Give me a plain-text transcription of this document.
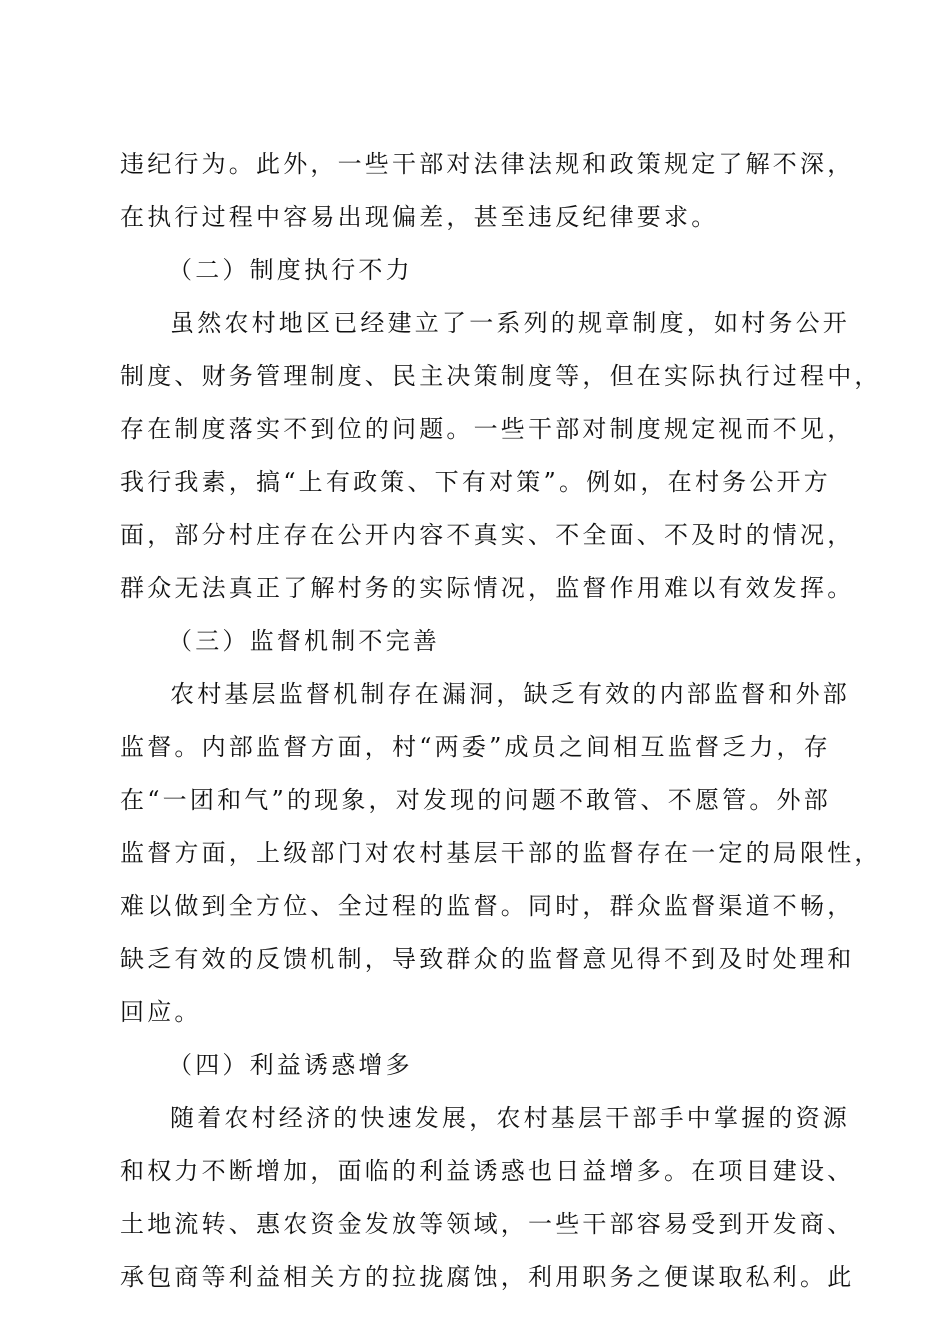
违纪行为。此外，一些干部对法律法规和政策规定了解不深，
在执行过程中容易出现偏差，甚至违反纪律要求。
（二）制度执行不力
虽然农村地区已经建立了一系列的规章制度，如村务公开
制度、财务管理制度、民主决策制度等，但在实际执行过程中，
存在制度落实不到位的问题。一些干部对制度规定视而不见，
我行我素，搞“上有政策、下有对策”。例如，在村务公开方
面，部分村庄存在公开内容不真实、不全面、不及时的情况，
群众无法真正了解村务的实际情况，监督作用难以有效发挥。
（三）监督机制不完善
农村基层监督机制存在漏洞，缺乏有效的内部监督和外部
监督。内部监督方面，村“两委”成员之间相互监督乏力，存
在“一团和气”的现象，对发现的问题不敢管、不愿管。外部
监督方面，上级部门对农村基层干部的监督存在一定的局限性，
难以做到全方位、全过程的监督。同时，群众监督渠道不畅，
缺乏有效的反馈机制，导致群众的监督意见得不到及时处理和
回应。
（四）利益诱惑增多
随着农村经济的快速发展，农村基层干部手中掌握的资源
和权力不断增加，面临的利益诱惑也日益增多。在项目建设、
土地流转、惠农资金发放等领域，一些干部容易受到开发商、
承包商等利益相关方的拉拢腐蚀，利用职务之便谋取私利。此
